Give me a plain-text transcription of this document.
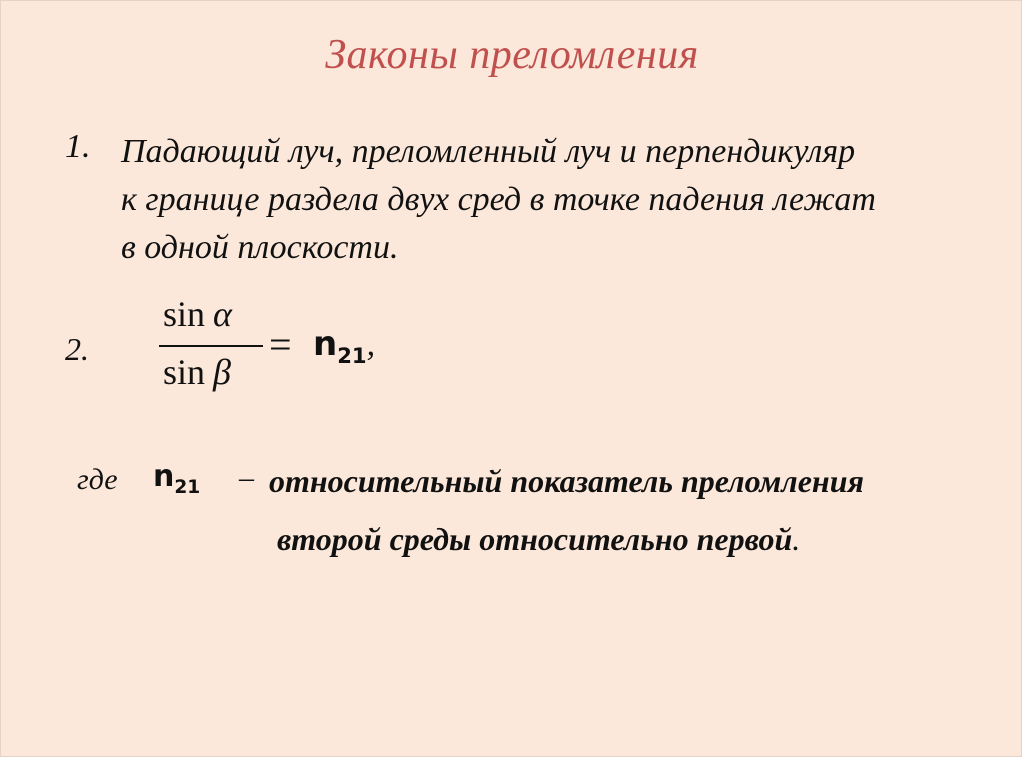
Законы преломления
1. Падающий луч, преломленный луч и перпендикуляр
к границе раздела двух сред в точке падения лежат
в одной плоскости.
2.
sin α
sin β
= $n_{21}$,
где $n_{21}$ – относительный показатель преломления
второй среды относительно первой.
